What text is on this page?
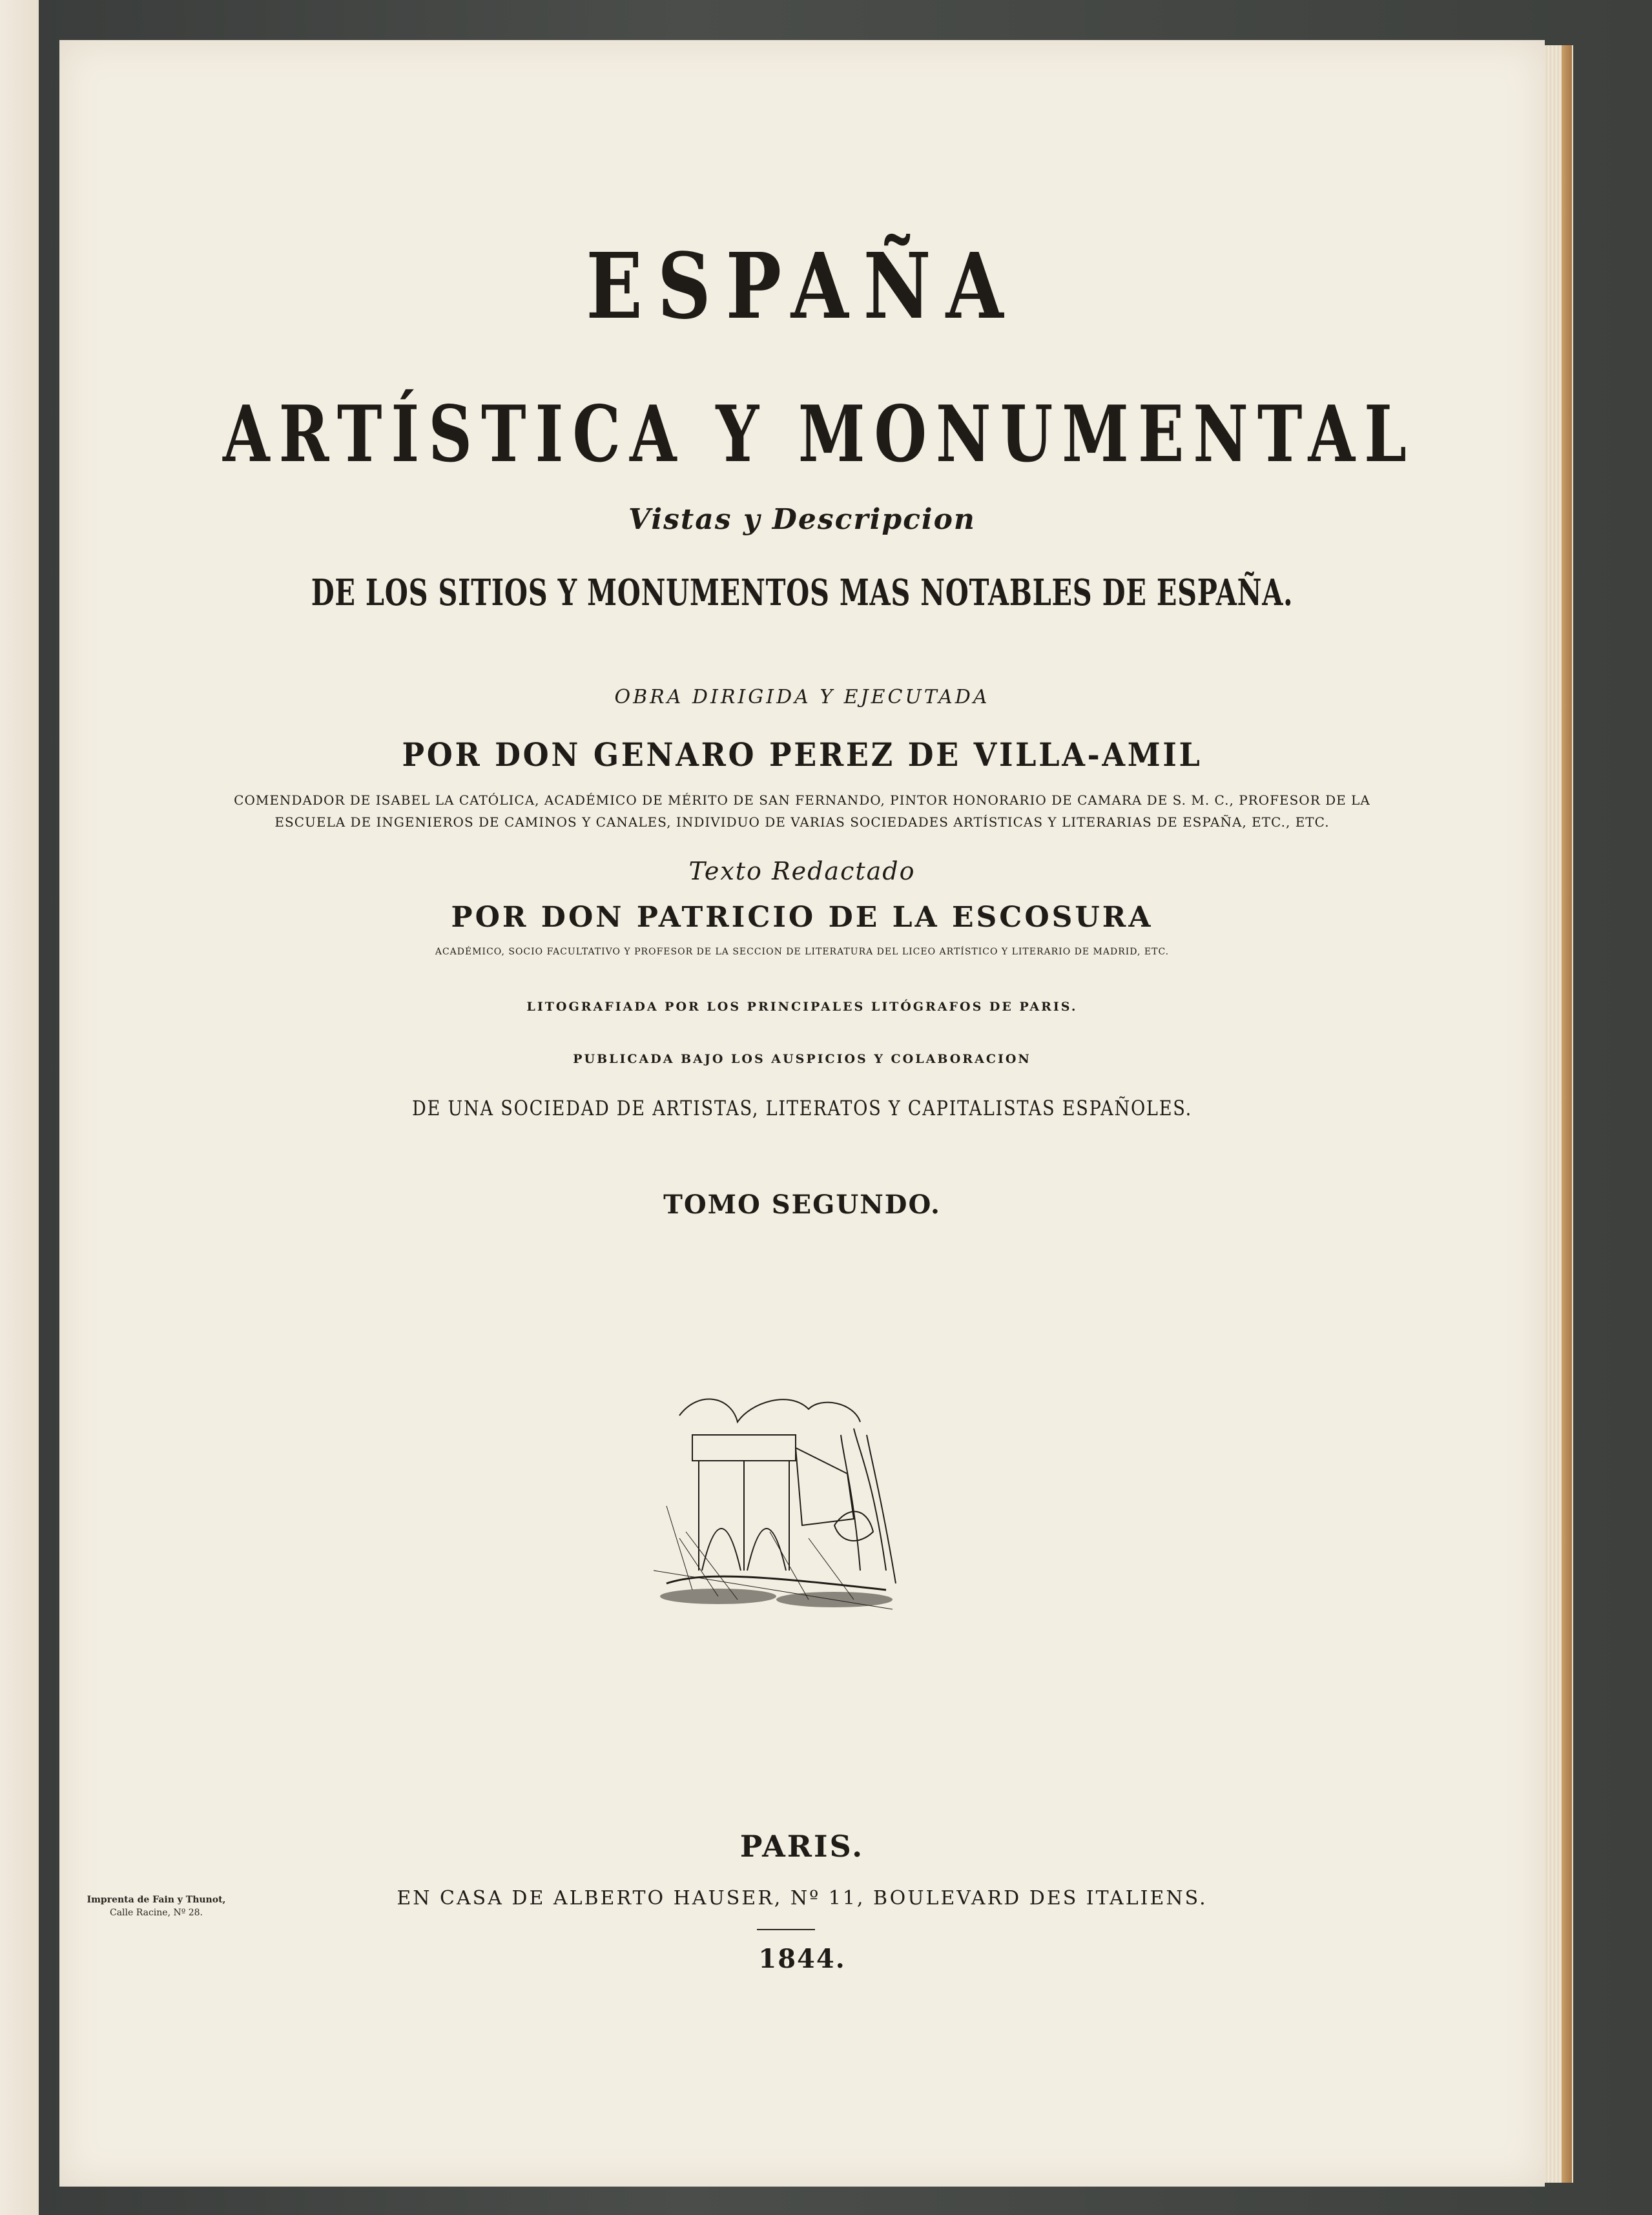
ESPAÑA
ARTÍSTICA Y MONUMENTAL
Vistas y Descripcion
DE LOS SITIOS Y MONUMENTOS MAS NOTABLES DE ESPAÑA.
OBRA DIRIGIDA Y EJECUTADA
POR DON GENARO PEREZ DE VILLA-AMIL
COMENDADOR DE ISABEL LA CATÓLICA, ACADÉMICO DE MÉRITO DE SAN FERNANDO, PINTOR HONORARIO DE CAMARA DE S. M. C., PROFESOR DE LA ESCUELA DE INGENIEROS DE CAMINOS Y CANALES, INDIVIDUO DE VARIAS SOCIEDADES ARTÍSTICAS Y LITERARIAS DE ESPAÑA, ETC., ETC.
Texto Redactado
POR DON PATRICIO DE LA ESCOSURA
ACADÉMICO, SOCIO FACULTATIVO Y PROFESOR DE LA SECCION DE LITERATURA DEL LICEO ARTÍSTICO Y LITERARIO DE MADRID, ETC.
LITOGRAFIADA POR LOS PRINCIPALES LITÓGRAFOS DE PARIS.
PUBLICADA BAJO LOS AUSPICIOS Y COLABORACION
DE UNA SOCIEDAD DE ARTISTAS, LITERATOS Y CAPITALISTAS ESPAÑOLES.
TOMO SEGUNDO.
PARIS.
EN CASA DE ALBERTO HAUSER, Nº 11, BOULEVARD DES ITALIENS.
1844.
Imprenta de Fain y Thunot,
Calle Racine, Nº 28.
